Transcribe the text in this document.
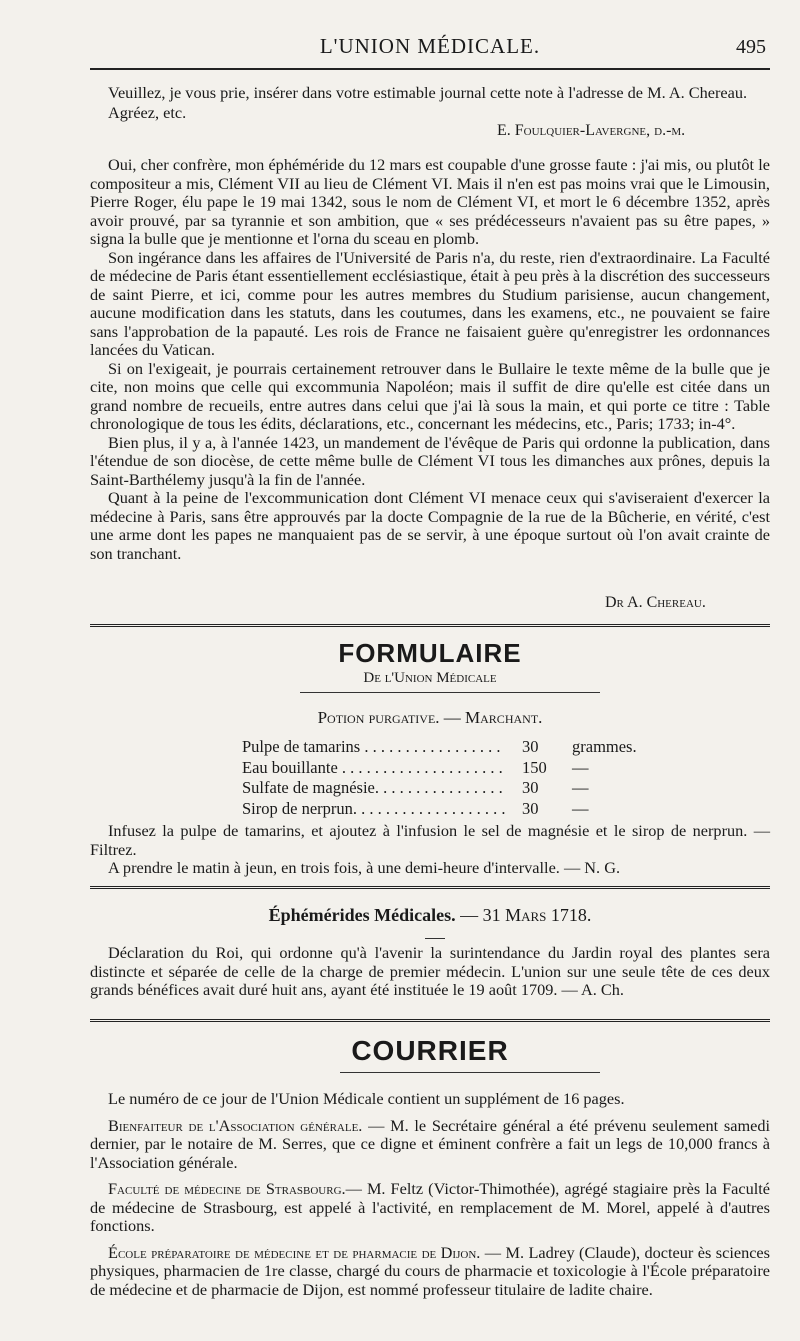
L'UNION MÉDICALE.	495

Veuillez, je vous prie, insérer dans votre estimable journal cette note à l'adresse de M. A. Chereau.

Agréez, etc.

E. Foulquier-Lavergne, d.-m.

Oui, cher confrère, mon éphéméride du 12 mars est coupable d'une grosse faute : j'ai mis, ou plutôt le compositeur a mis, Clément VII au lieu de Clément VI. Mais il n'en est pas moins vrai que le Limousin, Pierre Roger, élu pape le 19 mai 1342, sous le nom de Clément VI, et mort le 6 décembre 1352, après avoir prouvé, par sa tyrannie et son ambition, que « ses prédécesseurs n'avaient pas su être papes, » signa la bulle que je mentionne et l'orna du sceau en plomb.

Son ingérance dans les affaires de l'Université de Paris n'a, du reste, rien d'extraordinaire. La Faculté de médecine de Paris étant essentiellement ecclésiastique, était à peu près à la discrétion des successeurs de saint Pierre, et ici, comme pour les autres membres du Studium parisiense, aucun changement, aucune modification dans les statuts, dans les coutumes, dans les examens, etc., ne pouvaient se faire sans l'approbation de la papauté. Les rois de France ne faisaient guère qu'enregistrer les ordonnances lancées du Vatican.

Si on l'exigeait, je pourrais certainement retrouver dans le Bullaire le texte même de la bulle que je cite, non moins que celle qui excommunia Napoléon; mais il suffit de dire qu'elle est citée dans un grand nombre de recueils, entre autres dans celui que j'ai là sous la main, et qui porte ce titre : Table chronologique de tous les édits, déclarations, etc., concernant les médecins, etc., Paris; 1733; in-4°.

Bien plus, il y a, à l'année 1423, un mandement de l'évêque de Paris qui ordonne la publication, dans l'étendue de son diocèse, de cette même bulle de Clément VI tous les dimanches aux prônes, depuis la Saint-Barthélemy jusqu'à la fin de l'année.

Quant à la peine de l'excommunication dont Clément VI menace ceux qui s'aviseraient d'exercer la médecine à Paris, sans être approuvés par la docte Compagnie de la rue de la Bûcherie, en vérité, c'est une arme dont les papes ne manquaient pas de se servir, à une époque surtout où l'on avait crainte de son tranchant.

Dr A. Chereau.
FORMULAIRE
De l'Union Médicale
Potion purgative. — Marchant.
Pulpe de tamarins . . . . . . . . . . . . . . . . .	30	grammes.
Eau bouillante . . . . . . . . . . . . . . . . . . . .	150	—
Sulfate de magnésie. . . . . . . . . . . . . . . .	30	—
Sirop de nerprun. . . . . . . . . . . . . . . . . . . 30	—

Infusez la pulpe de tamarins, et ajoutez à l'infusion le sel de magnésie et le sirop de nerprun. — Filtrez.

A prendre le matin à jeun, en trois fois, à une demi-heure d'intervalle. — N. G.

Éphémérides Médicales. — 31 Mars 1718.

Déclaration du Roi, qui ordonne qu'à l'avenir la surintendance du Jardin royal des plantes sera distincte et séparée de celle de la charge de premier médecin. L'union sur une seule tête de ces deux grands bénéfices avait duré huit ans, ayant été instituée le 19 août 1709. — A. Ch.

COURRIER

Le numéro de ce jour de l'Union Médicale contient un supplément de 16 pages.

Bienfaiteur de l'Association générale. — M. le Secrétaire général a été prévenu seulement samedi dernier, par le notaire de M. Serres, que ce digne et éminent confrère a fait un legs de 10,000 francs à l'Association générale.

Faculté de médecine de Strasbourg.— M. Feltz (Victor-Thimothée), agrégé stagiaire près la Faculté de médecine de Strasbourg, est appelé à l'activité, en remplacement de M. Morel, appelé à d'autres fonctions.

École préparatoire de médecine et de pharmacie de Dijon. — M. Ladrey (Claude), docteur ès sciences physiques, pharmacien de 1re classe, chargé du cours de pharmacie et toxicologie à l'École préparatoire de médecine et de pharmacie de Dijon, est nommé professeur titulaire de ladite chaire.
